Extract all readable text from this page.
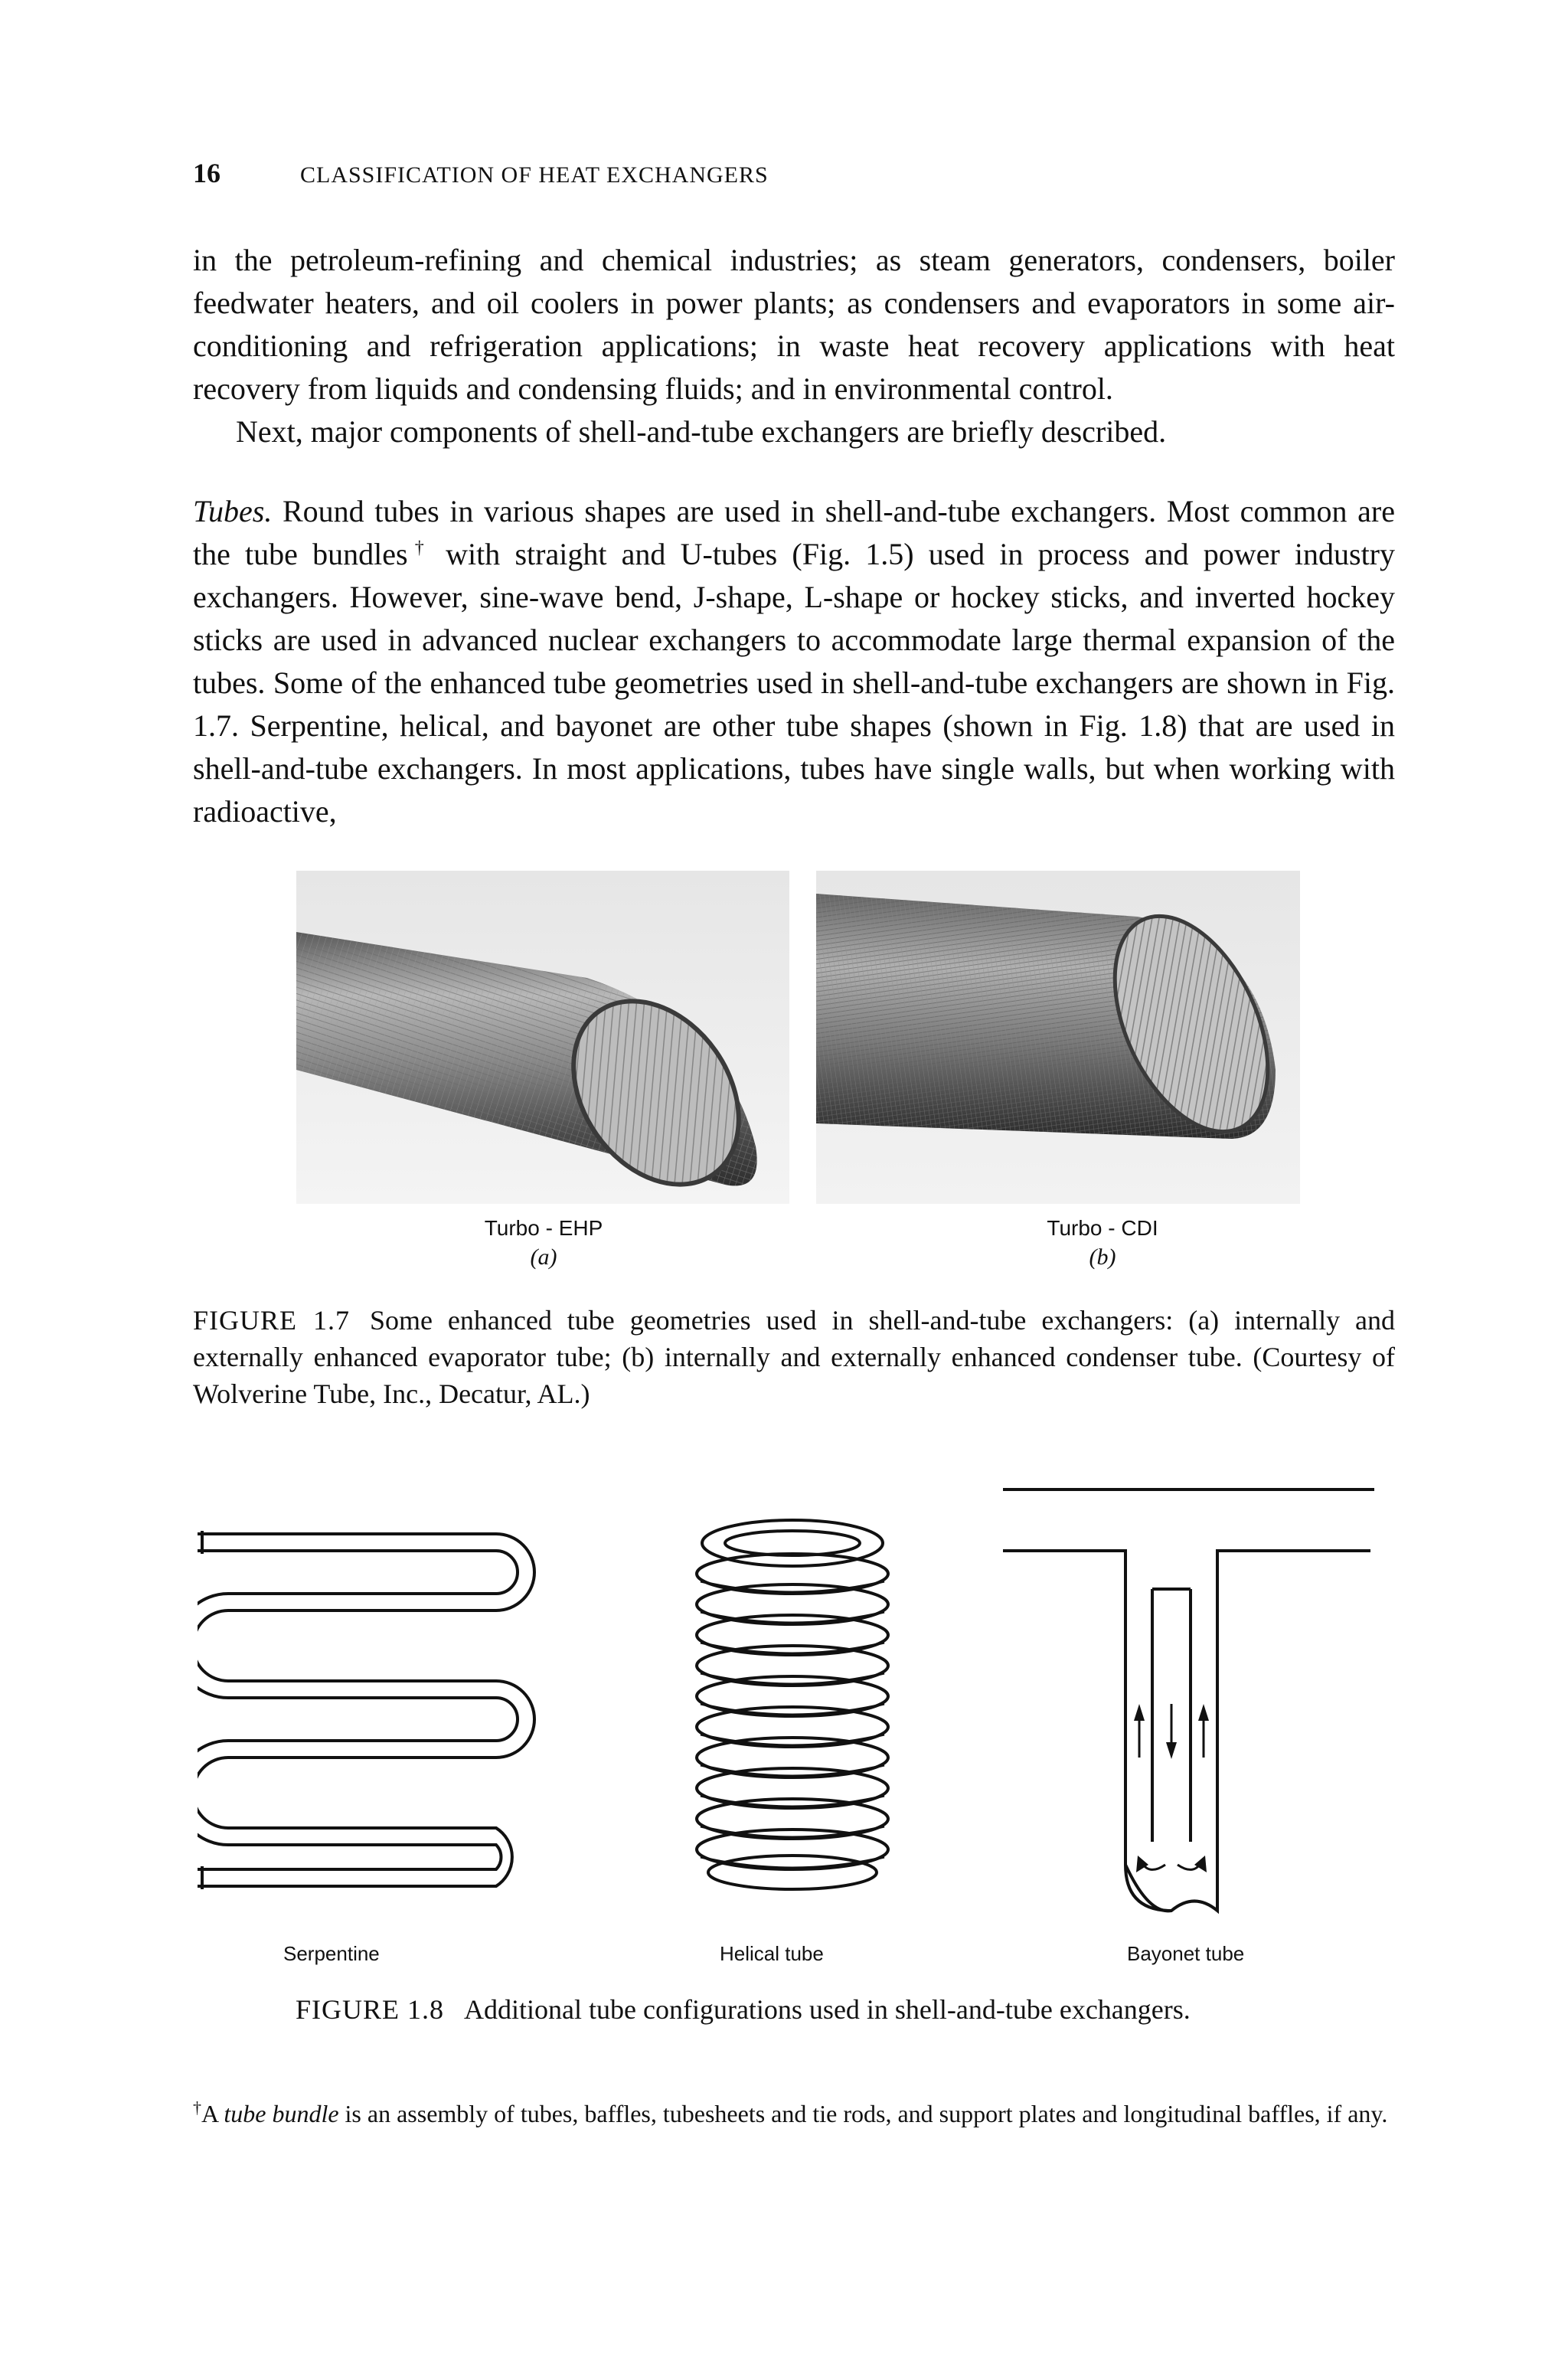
16	CLASSIFICATION OF HEAT EXCHANGERS

in the petroleum-refining and chemical industries; as steam generators, condensers, boiler feedwater heaters, and oil coolers in power plants; as condensers and evaporators in some air-conditioning and refrigeration applications; in waste heat recovery applications with heat recovery from liquids and condensing fluids; and in environmental control.

Next, major components of shell-and-tube exchangers are briefly described.

Tubes. Round tubes in various shapes are used in shell-and-tube exchangers. Most common are the tube bundles† with straight and U-tubes (Fig. 1.5) used in process and power industry exchangers. However, sine-wave bend, J-shape, L-shape or hockey sticks, and inverted hockey sticks are used in advanced nuclear exchangers to accommodate large thermal expansion of the tubes. Some of the enhanced tube geometries used in shell-and-tube exchangers are shown in Fig. 1.7. Serpentine, helical, and bayonet are other tube shapes (shown in Fig. 1.8) that are used in shell-and-tube exchangers. In most applications, tubes have single walls, but when working with radioactive,

Turbo - EHP
(a)
Turbo - CDI
(b)
FIGURE 1.7 Some enhanced tube geometries used in shell-and-tube exchangers: (a) internally and externally enhanced evaporator tube; (b) internally and externally enhanced condenser tube. (Courtesy of Wolverine Tube, Inc., Decatur, AL.)
Serpentine	Helical tube	Bayonet tube
FIGURE 1.8 Additional tube configurations used in shell-and-tube exchangers.
†A tube bundle is an assembly of tubes, baffles, tubesheets and tie rods, and support plates and longitudinal baffles, if any.
